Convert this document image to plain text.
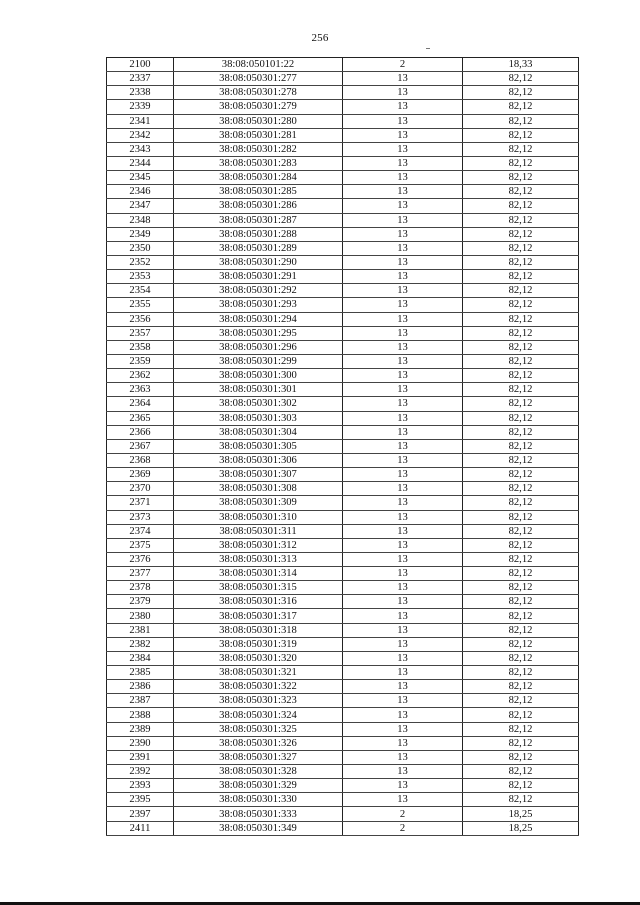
256
2100	38:08:050101:22	2	18,33
2337	38:08:050301:277	13	82,12
2338	38:08:050301:278	13	82,12
2339	38:08:050301:279	13	82,12
2341	38:08:050301:280	13	82,12
2342	38:08:050301:281	13	82,12
2343	38:08:050301:282	13	82,12
2344	38:08:050301:283	13	82,12
2345	38:08:050301:284	13	82,12
2346	38:08:050301:285	13	82,12
2347	38:08:050301:286	13	82,12
2348	38:08:050301:287	13	82,12
2349	38:08:050301:288	13	82,12
2350	38:08:050301:289	13	82,12
2352	38:08:050301:290	13	82,12
2353	38:08:050301:291	13	82,12
2354	38:08:050301:292	13	82,12
2355	38:08:050301:293	13	82,12
2356	38:08:050301:294	13	82,12
2357	38:08:050301:295	13	82,12
2358	38:08:050301:296	13	82,12
2359	38:08:050301:299	13	82,12
2362	38:08:050301:300	13	82,12
2363	38:08:050301:301	13	82,12
2364	38:08:050301:302	13	82,12
2365	38:08:050301:303	13	82,12
2366	38:08:050301:304	13	82,12
2367	38:08:050301:305	13	82,12
2368	38:08:050301:306	13	82,12
2369	38:08:050301:307	13	82,12
2370	38:08:050301:308	13	82,12
2371	38:08:050301:309	13	82,12
2373	38:08:050301:310	13	82,12
2374	38:08:050301:311	13	82,12
2375	38:08:050301:312	13	82,12
2376	38:08:050301:313	13	82,12
2377	38:08:050301:314	13	82,12
2378	38:08:050301:315	13	82,12
2379	38:08:050301:316	13	82,12
2380	38:08:050301:317	13	82,12
2381	38:08:050301:318	13	82,12
2382	38:08:050301:319	13	82,12
2384	38:08:050301:320	13	82,12
2385	38:08:050301:321	13	82,12
2386	38:08:050301:322	13	82,12
2387	38:08:050301:323	13	82,12
2388	38:08:050301:324	13	82,12
2389	38:08:050301:325	13	82,12
2390	38:08:050301:326	13	82,12
2391	38:08:050301:327	13	82,12
2392	38:08:050301:328	13	82,12
2393	38:08:050301:329	13	82,12
2395	38:08:050301:330	13	82,12
2397	38:08:050301:333	2	18,25
2411	38:08:050301:349	2	18,25
